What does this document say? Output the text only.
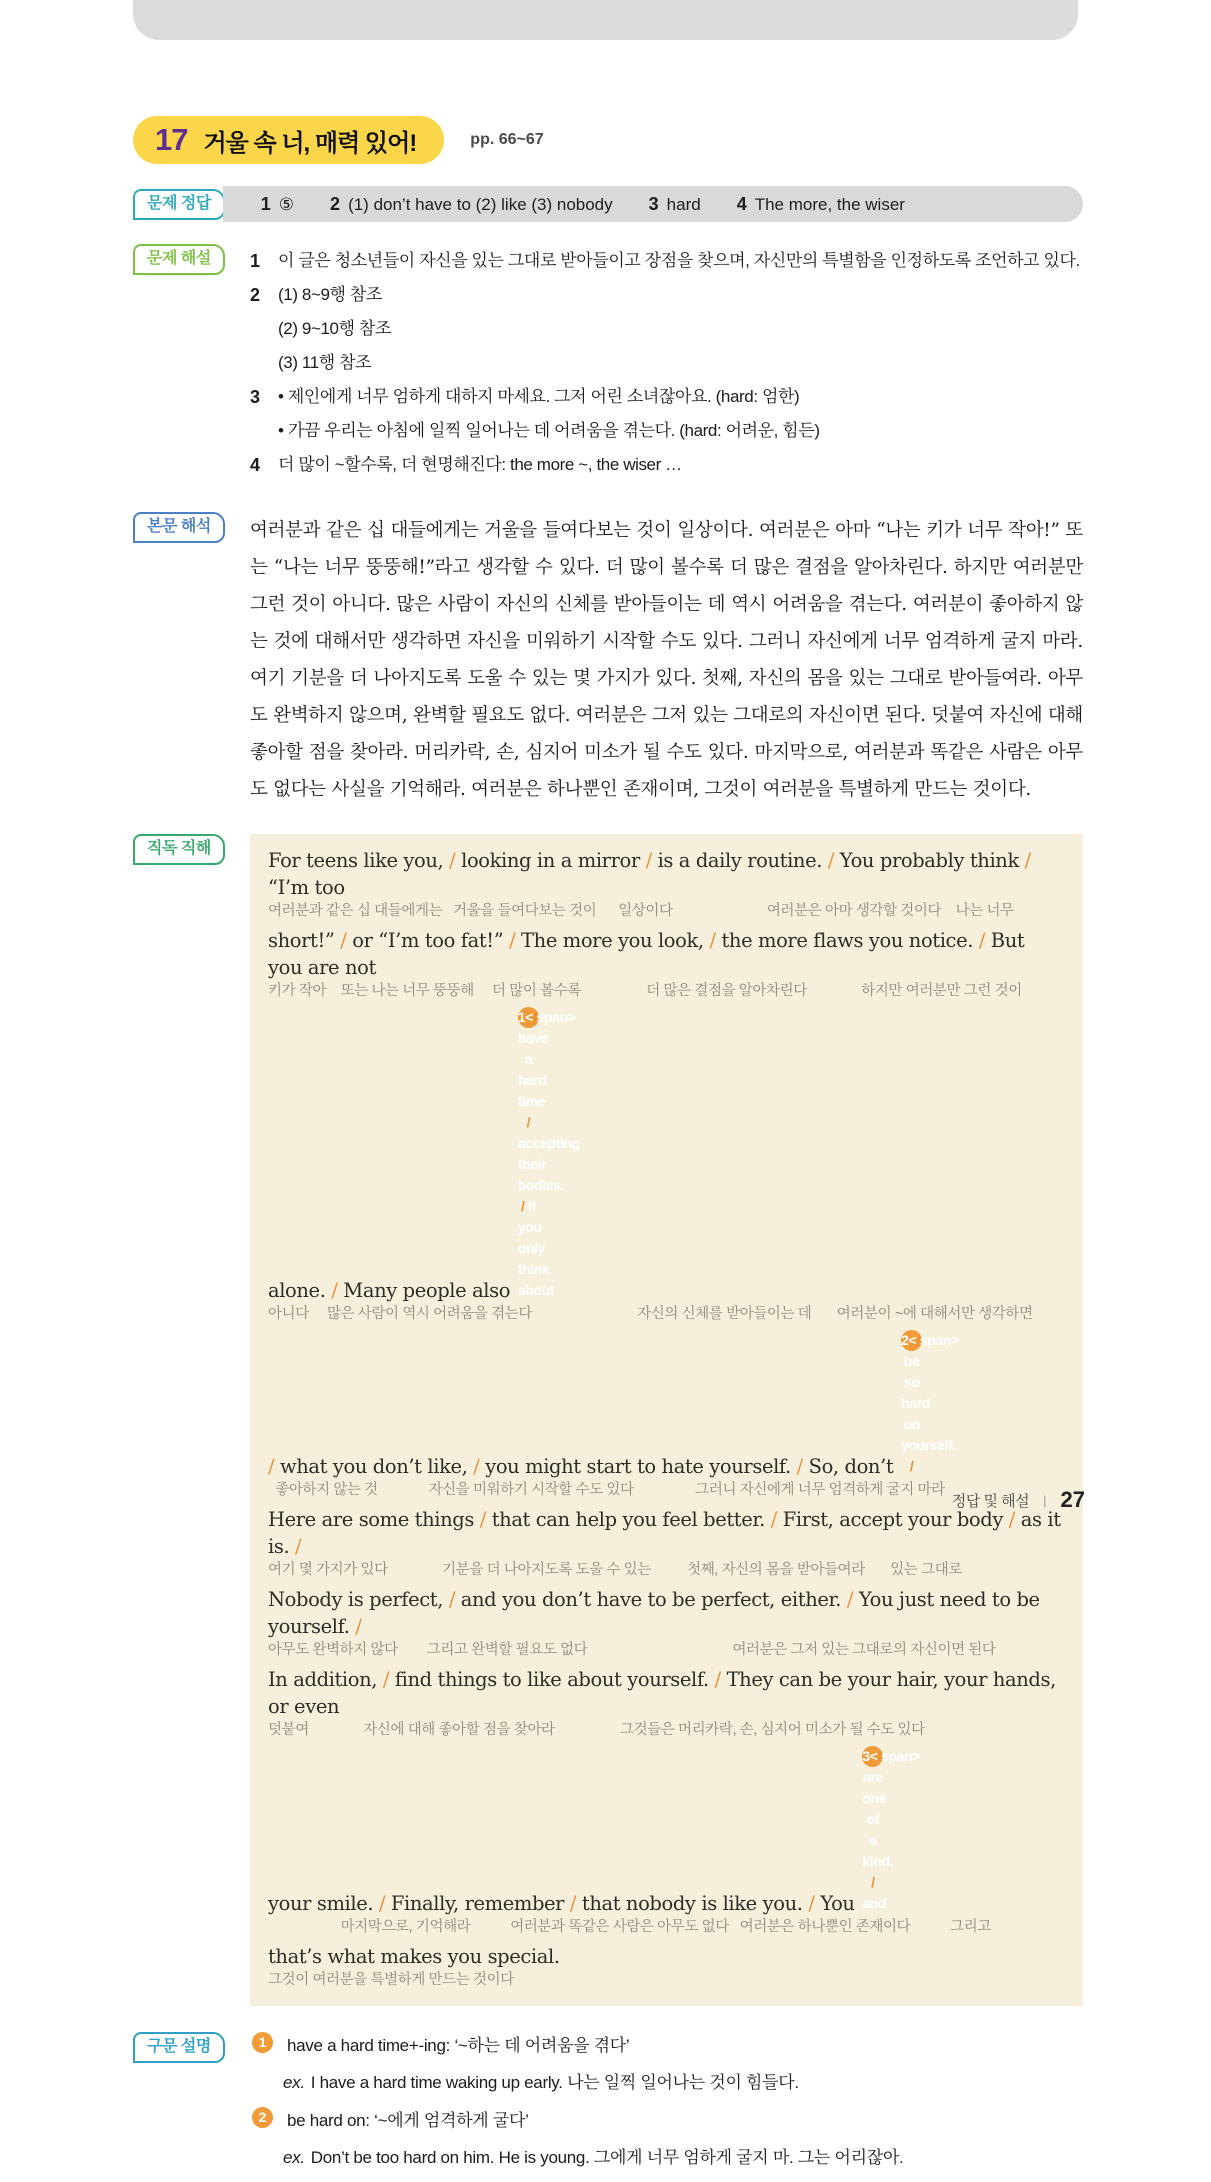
17 거울 속 너, 매력 있어!	pp. 66~67
문제 정답	1 ⑤ 2 (1) don’t have to (2) like (3) nobody 3 hard 4 The more, the wiser
문제 해설	1	이 글은 청소년들이 자신을 있는 그대로 받아들이고 장점을 찾으며, 자신만의 특별함을 인정하도록 조언하고 있다.
2	(1) 8~9행 참조
(2) 9~10행 참조
(3) 11행 참조
3	• 제인에게 너무 엄하게 대하지 마세요. 그저 어린 소녀잖아요. (hard: 엄한)
• 가끔 우리는 아침에 일찍 일어나는 데 어려움을 겪는다. (hard: 어려운, 힘든)
4	더 많이 ~할수록, 더 현명해진다: the more ~, the wiser …
본문 해석	여러분과 같은 십 대들에게는 거울을 들여다보는 것이 일상이다. 여러분은 아마 “나는 키가 너무 작아!” 또는 “나는 너무 뚱뚱해!”라고 생각할 수 있다. 더 많이 볼수록 더 많은 결점을 알아차린다. 하지만 여러분만 그런 것이 아니다. 많은 사람이 자신의 신체를 받아들이는 데 역시 어려움을 겪는다. 여러분이 좋아하지 않는 것에 대해서만 생각하면 자신을 미워하기 시작할 수도 있다. 그러니 자신에게 너무 엄격하게 굴지 마라. 여기 기분을 더 나아지도록 도울 수 있는 몇 가지가 있다. 첫째, 자신의 몸을 있는 그대로 받아들여라. 아무도 완벽하지 않으며, 완벽할 필요도 없다. 여러분은 그저 있는 그대로의 자신이면 된다. 덧붙여 자신에 대해 좋아할 점을 찾아라. 머리카락, 손, 심지어 미소가 될 수도 있다. 마지막으로, 여러분과 똑같은 사람은 아무도 없다는 사실을 기억해라. 여러분은 하나뿐인 존재이며, 그것이 여러분을 특별하게 만드는 것이다.
직독 직해
For teens like you, / looking in a mirror / is a daily routine. / You probably think / “I’m too
여러분과 같은 십 대들에게는   거울을 들여다보는 것이      일상이다                          여러분은 아마 생각할 것이다    나는 너무
short!” / or “I’m too fat!” / The more you look, / the more flaws you notice. / But you are not
키가 작아    또는 나는 너무 뚱뚱해     더 많이 볼수록                  더 많은 결점을 알아차린다               하지만 여러분만 그런 것이
alone. / Many people also 1</span> have a hard time / accepting their bodies. / If you only think about
아니다     많은 사람이 역시 어려움을 겪는다                             자신의 신체를 받아들이는 데       여러분이 ~에 대해서만 생각하면
/ what you don’t like, / you might start to hate yourself. / So, don’t 2</span> be so hard on yourself. /
좋아하지 않는 것              자신을 미워하기 시작할 수도 있다                 그러니 자신에게 너무 엄격하게 굴지 마라
Here are some things / that can help you feel better. / First, accept your body / as it is. /
여기 몇 가지가 있다               기분을 더 나아지도록 도울 수 있는          첫째, 자신의 몸을 받아들여라       있는 그대로
Nobody is perfect, / and you don’t have to be perfect, either. / You just need to be yourself. /
아무도 완벽하지 않다        그리고 완벽할 필요도 없다                                        여러분은 그저 있는 그대로의 자신이면 된다
In addition, / find things to like about yourself. / They can be your hair, your hands, or even
덧붙여               자신에 대해 좋아할 점을 찾아라                  그것들은 머리카락, 손, 심지어 미소가 될 수도 있다
your smile. / Finally, remember / that nobody is like you. / You 3</span> are one of a kind, / and
마지막으로, 기억해라           여러분과 똑같은 사람은 아무도 없다   여러분은 하나뿐인 존재이다           그리고
that’s what makes you special.
그것이 여러분을 특별하게 만드는 것이다
구문 설명	1	have a hard time+-ing: ‘~하는 데 어려움을 겪다’
ex. I have a hard time waking up early. 나는 일찍 일어나는 것이 힘들다.
2	be hard on: ‘~에게 엄격하게 굴다’
ex. Don’t be too hard on him. He is young. 그에게 너무 엄하게 굴지 마. 그는 어리잖아.
정답 및 해설 | 27
